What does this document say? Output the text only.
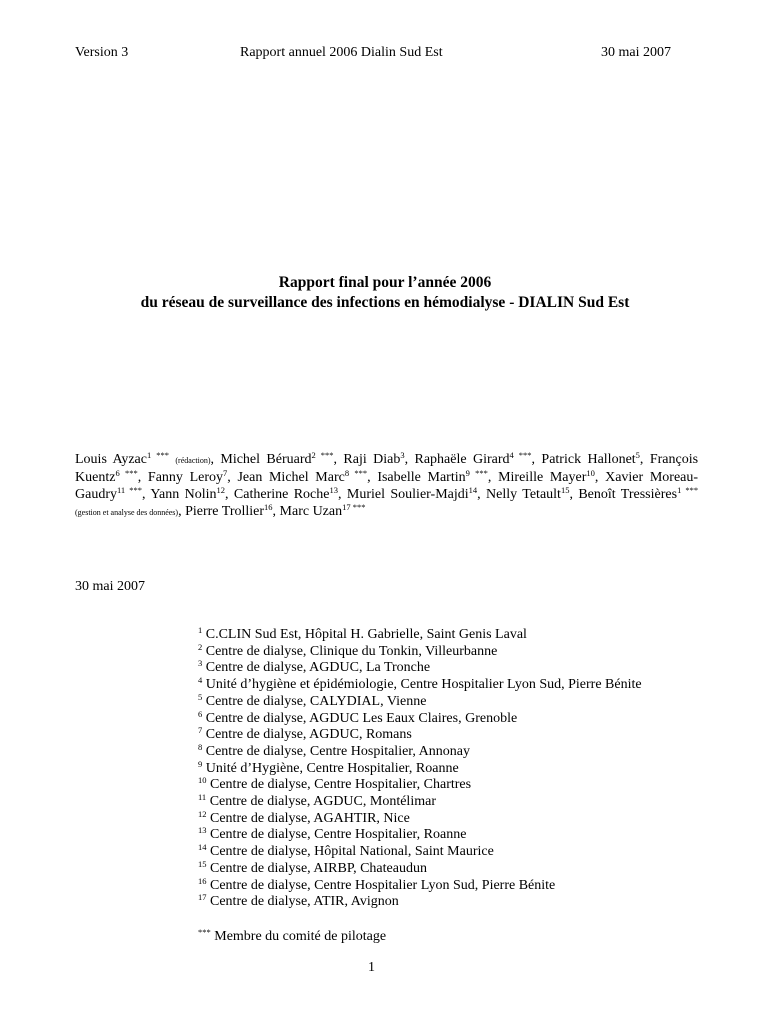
Version 3	Rapport annuel 2006 Dialin Sud Est	30 mai 2007
Rapport final pour l’année 2006
du réseau de surveillance des infections en hémodialyse - DIALIN Sud Est
Louis Ayzac$^{1 ***}$ (rédaction), Michel Béruard$^{2 ***}$, Raji Diab$^3$, Raphaële Girard$^{4 ***}$, Patrick Hallonet$^5$, François Kuentz$^{6 ***}$, Fanny Leroy$^7$, Jean Michel Marc$^{8 ***}$, Isabelle Martin$^{9 ***}$, Mireille Mayer$^{10}$, Xavier Moreau-Gaudry$^{11 ***}$, Yann Nolin$^{12}$, Catherine Roche$^{13}$, Muriel Soulier-Majdi$^{14}$, Nelly Tetault$^{15}$, Benoît Tressières$^{1 ***}$ (gestion et analyse des données), Pierre Trollier$^{16}$, Marc Uzan$^{17 ***}$
30 mai 2007
$^1$ C.CLIN Sud Est, Hôpital H. Gabrielle, Saint Genis Laval
$^2$ Centre de dialyse, Clinique du Tonkin, Villeurbanne
$^3$ Centre de dialyse, AGDUC, La Tronche
$^4$ Unité d’hygiène et épidémiologie, Centre Hospitalier Lyon Sud, Pierre Bénite
$^5$ Centre de dialyse, CALYDIAL, Vienne
$^6$ Centre de dialyse, AGDUC Les Eaux Claires, Grenoble
$^7$ Centre de dialyse, AGDUC, Romans
$^8$ Centre de dialyse, Centre Hospitalier, Annonay
$^9$ Unité d’Hygiène, Centre Hospitalier, Roanne
$^{10}$ Centre de dialyse, Centre Hospitalier, Chartres
$^{11}$ Centre de dialyse, AGDUC, Montélimar
$^{12}$ Centre de dialyse, AGAHTIR, Nice
$^{13}$ Centre de dialyse, Centre Hospitalier, Roanne
$^{14}$ Centre de dialyse, Hôpital National, Saint Maurice
$^{15}$ Centre de dialyse, AIRBP, Chateaudun
$^{16}$ Centre de dialyse, Centre Hospitalier Lyon Sud, Pierre Bénite
$^{17}$ Centre de dialyse, ATIR, Avignon
*** Membre du comité de pilotage
1
